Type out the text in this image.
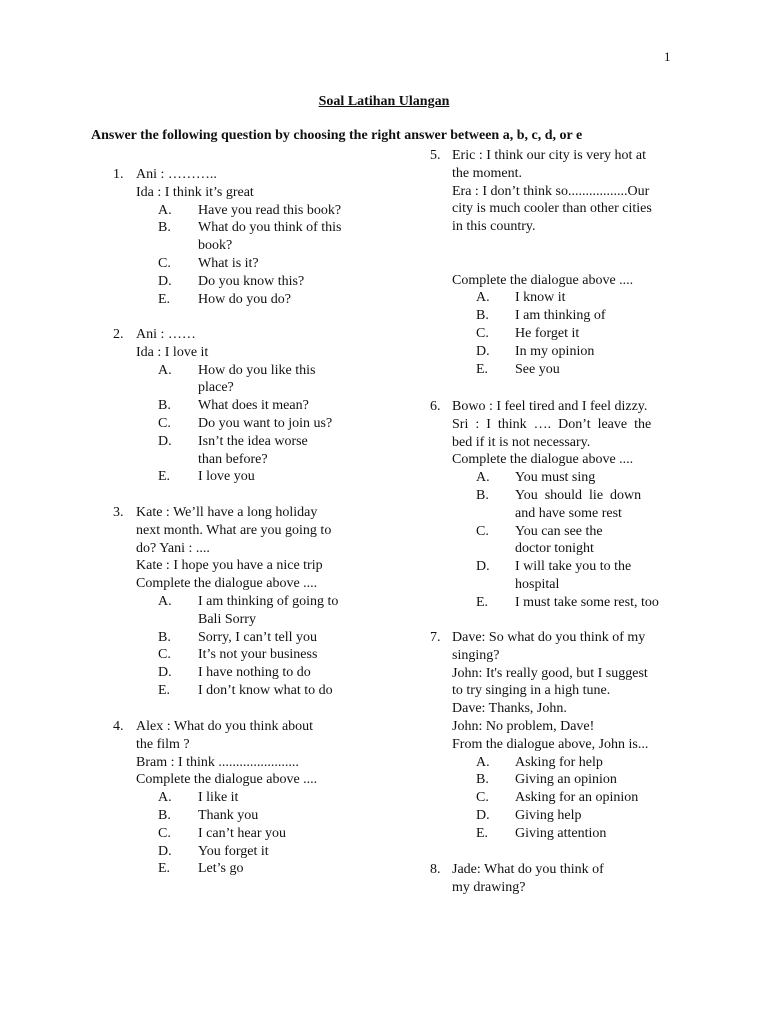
1
Soal Latihan Ulangan
Answer the following question by choosing the right answer between a, b, c, d, or e
1. Ani : ………..
Ida : I think it’s great
A. Have you read this book?
B. What do you think of this
book?
C. What is it?
D. Do you know this?
E. How do you do?
2. Ani : ……
Ida : I love it
A. How do you like this
place?
B. What does it mean?
C. Do you want to join us?
D. Isn’t the idea worse
than before?
E. I love you
3. Kate : We’ll have a long holiday
next month. What are you going to
do? Yani : ....
Kate : I hope you have a nice trip
Complete the dialogue above ....
A. I am thinking of going to
Bali Sorry
B. Sorry, I can’t tell you
C. It’s not your business
D. I have nothing to do
E. I don’t know what to do
4. Alex : What do you think about
the film ?
Bram : I think .......................
Complete the dialogue above ....
A. I like it
B. Thank you
C. I can’t hear you
D. You forget it
E. Let’s go
5. Eric : I think our city is very hot at
the moment.
Era : I don’t think so.................Our
city is much cooler than other cities
in this country.
Complete the dialogue above ....
A. I know it
B. I am thinking of
C. He forget it
D. In my opinion
E. See you
6. Bowo : I feel tired and I feel dizzy.
Sri  :  I  think  ….  Don’t  leave  the
bed if it is not necessary.
Complete the dialogue above ....
A. You must sing
B. You  should  lie  down
and have some rest
C. You can see the
doctor tonight
D. I will take you to the
hospital
E. I must take some rest, too
7. Dave: So what do you think of my
singing?
John: It's really good, but I suggest
to try singing in a high tune.
Dave: Thanks, John.
John: No problem, Dave!
From the dialogue above, John is...
A. Asking for help
B. Giving an opinion
C. Asking for an opinion
D. Giving help
E. Giving attention
8. Jade: What do you think of
my drawing?
